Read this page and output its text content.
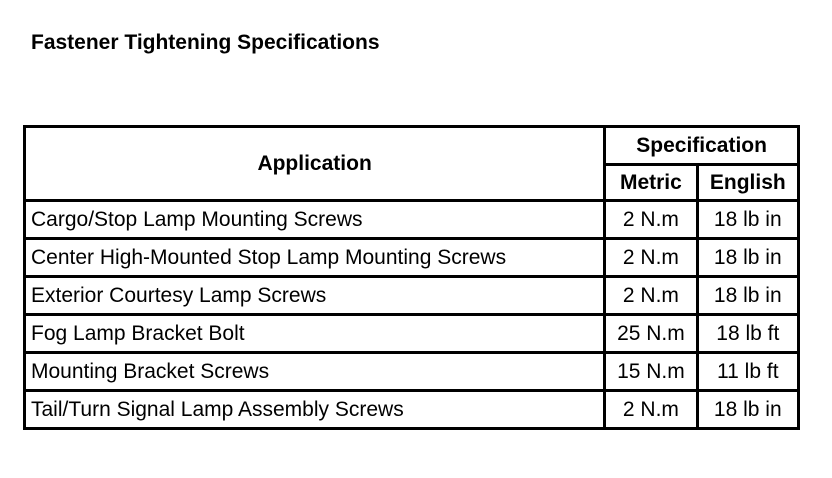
Fastener Tightening Specifications
Application	Specification	
	Metric	English
Cargo/Stop Lamp Mounting Screws	2 N.m	18 lb in
Center High-Mounted Stop Lamp Mounting Screws	2 N.m	18 lb in
Exterior Courtesy Lamp Screws	2 N.m	18 lb in
Fog Lamp Bracket Bolt	25 N.m	18 lb ft
Mounting Bracket Screws	15 N.m	11 lb ft
Tail/Turn Signal Lamp Assembly Screws	2 N.m	18 lb in
